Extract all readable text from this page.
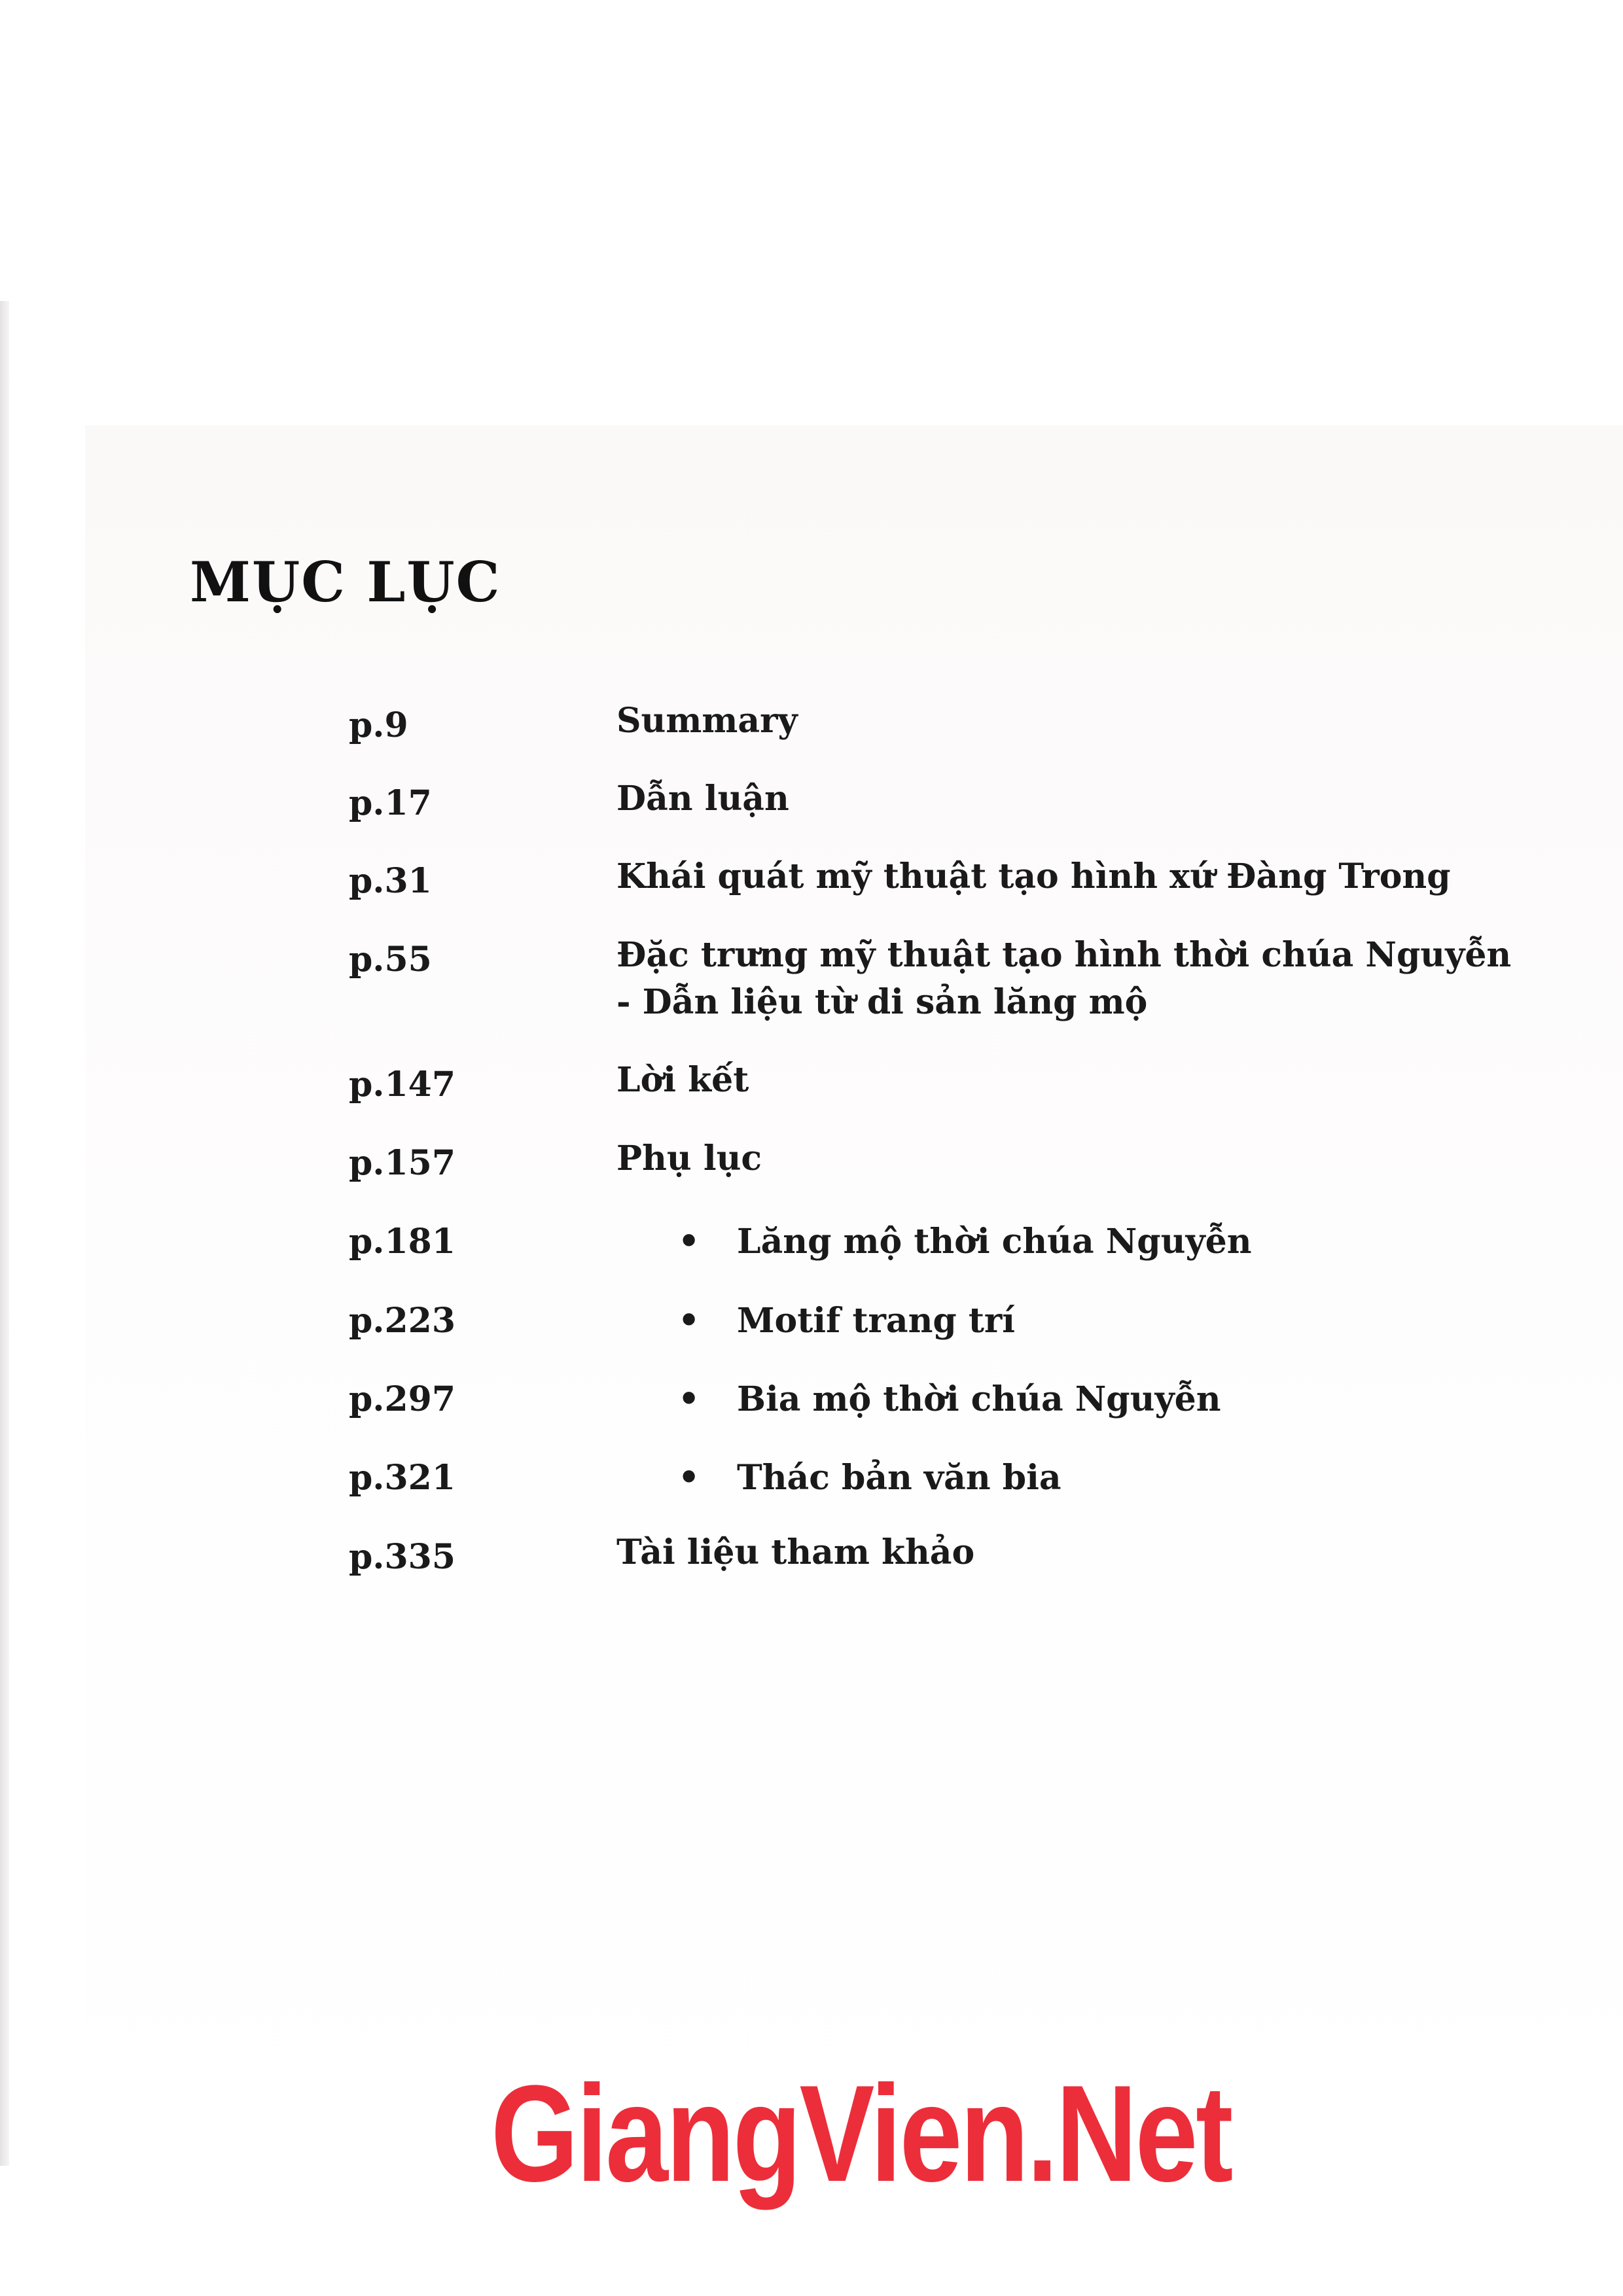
MỤC LỤC
p.9	Summary
p.17	Dẫn luận
p.31	Khái quát mỹ thuật tạo hình xứ Đàng Trong
p.55	Đặc trưng mỹ thuật tạo hình thời chúa Nguyễn
- Dẫn liệu từ di sản lăng mộ
p.147	Lời kết
p.157	Phụ lục
p.181	• Lăng mộ thời chúa Nguyễn
p.223	• Motif trang trí
p.297	• Bia mộ thời chúa Nguyễn
p.321	• Thác bản văn bia
p.335	Tài liệu tham khảo
GiangVien.Net
